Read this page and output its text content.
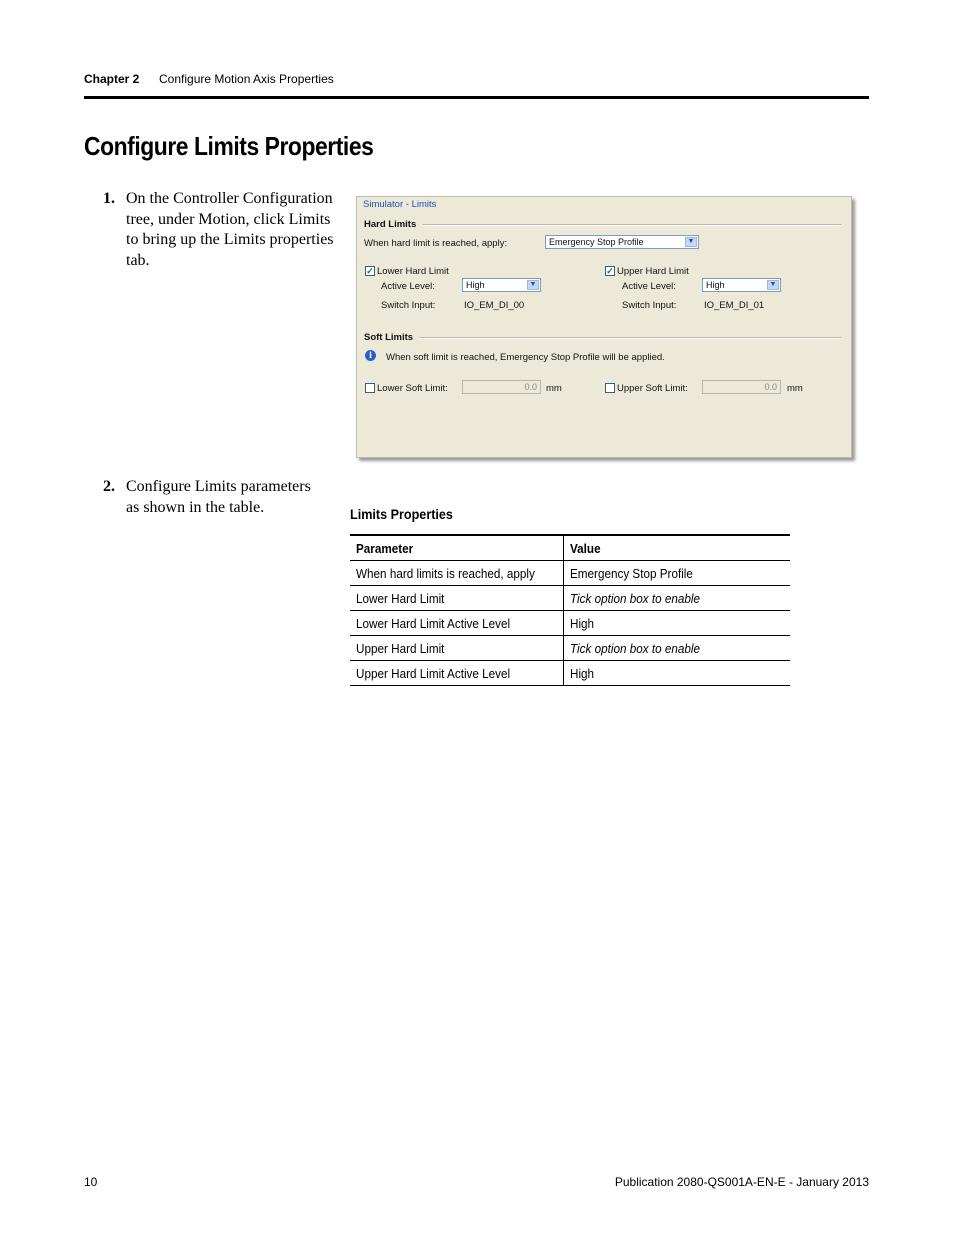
Chapter 2 Configure Motion Axis Properties
Configure Limits Properties
1. On the Controller Configuration tree, under Motion, click Limits to bring up the Limits properties tab.
Simulator - Limits
Hard Limits
When hard limit is reached, apply:	Emergency Stop Profile	▼
✓ Lower Hard Limit
Active Level:	High	▼
Switch Input:	IO_EM_DI_00
✓ Upper Hard Limit
Active Level:	High	▼
Switch Input:	IO_EM_DI_01
Soft Limits
i	When soft limit is reached, Emergency Stop Profile will be applied.
Lower Soft Limit:	0.0 mm	Upper Soft Limit:	0.0	mm
2. Configure Limits parameters as shown in the table.	Limits Properties
Parameter	Value
When hard limits is reached, apply	Emergency Stop Profile
Lower Hard Limit	Tick option box to enable
Lower Hard Limit Active Level	High
Upper Hard Limit	Tick option box to enable
Upper Hard Limit Active Level	High
10	Publication 2080-QS001A-EN-E - January 2013
